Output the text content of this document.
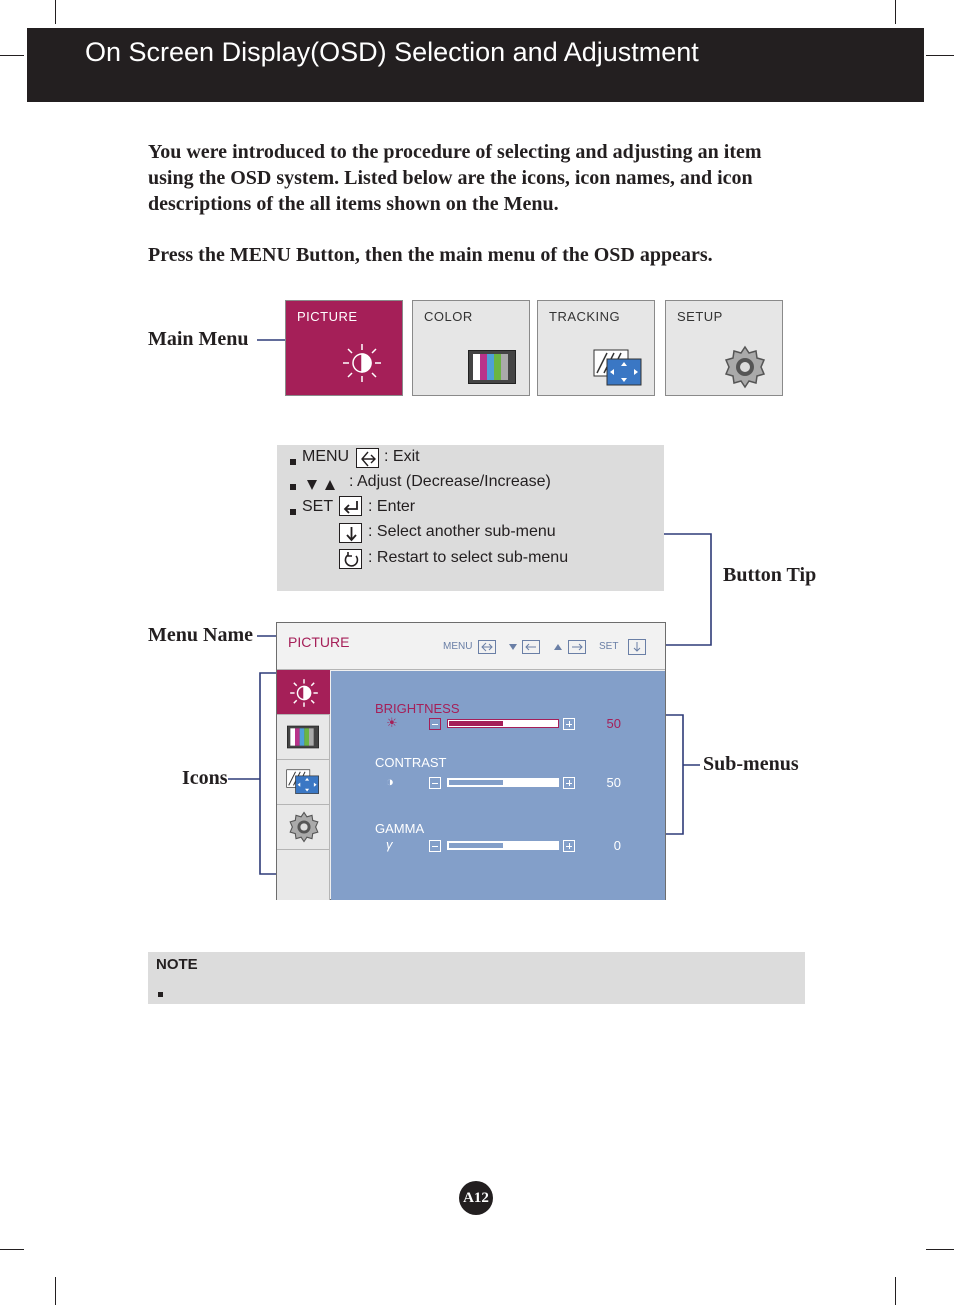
On Screen Display(OSD) Selection and Adjustment

You were introduced to the procedure of selecting and adjusting an item using the OSD system. Listed below are the icons, icon names, and icon descriptions of the all items shown on the Menu.

Press the MENU Button, then the main menu of the OSD appears.

Main Menu
Button Tip
Menu Name
Icons
Sub-menus
PICTURE	COLOR	TRACKING	SETUP
MENU : Exit
: Adjust (Decrease/Increase)
SET : Enter
: Select another sub-menu
: Restart to select sub-menu
PICTURE	MENU	SET
BRIGHTNESS
☀	50
CONTRAST
◑	50
GAMMA
γ	0
NOTE
A12
